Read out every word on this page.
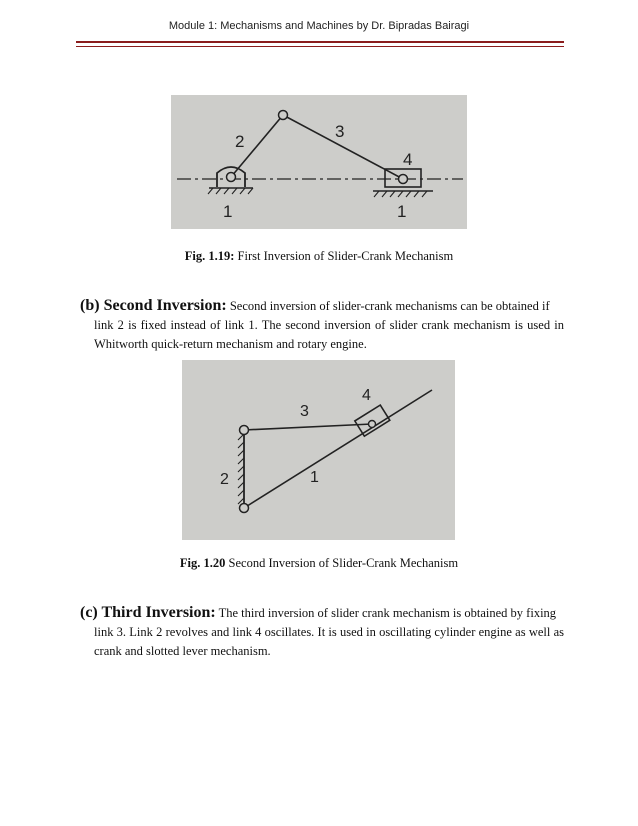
Module 1: Mechanisms and Machines by Dr. Bipradas Bairagi
2
3
4
1	1
Fig. 1.19: First Inversion of Slider-Crank Mechanism
(b) Second Inversion: Second inversion of slider-crank mechanisms can be obtained if
link 2 is fixed instead of link 1. The second inversion of slider crank mechanism is used in Whitworth quick-return mechanism and rotary engine.
3
4
2	1
Fig. 1.20 Second Inversion of Slider-Crank Mechanism
(c) Third Inversion: The third inversion of slider crank mechanism is obtained by fixing
link 3. Link 2 revolves and link 4 oscillates. It is used in oscillating cylinder engine as well as crank and slotted lever mechanism.
